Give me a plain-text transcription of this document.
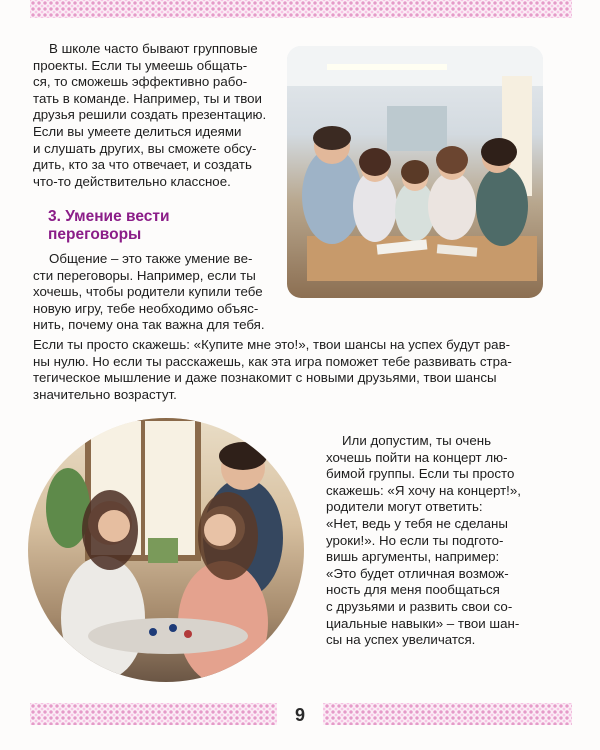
В школе часто бывают групповые
проекты. Если ты умеешь общать-
ся, то сможешь эффективно рабо-
тать в команде. Например, ты и твои
друзья решили создать презентацию.
Если вы умеете делиться идеями
и слушать других, вы сможете обсу-
дить, кто за что отвечает, и создать
что-то действительно классное.
3. Умение вести
переговоры
Общение – это также умение ве-
сти переговоры. Например, если ты
хочешь, чтобы родители купили тебе
новую игру, тебе необходимо объяс-
нить, почему она так важна для тебя.
Если ты просто скажешь: «Купите мне это!», твои шансы на успех будут рав-
ны нулю. Но если ты расскажешь, как эта игра поможет тебе развивать стра-
тегическое мышление и даже познакомит с новыми друзьями, твои шансы
значительно возрастут.
Или допустим, ты очень
хочешь пойти на концерт лю-
бимой группы. Если ты просто
скажешь: «Я хочу на концерт!»,
родители могут ответить:
«Нет, ведь у тебя не сделаны
уроки!». Но если ты подгото-
вишь аргументы, например:
«Это будет отличная возмож-
ность для меня пообщаться
с друзьями и развить свои со-
циальные навыки» – твои шан-
сы на успех увеличатся.
9
